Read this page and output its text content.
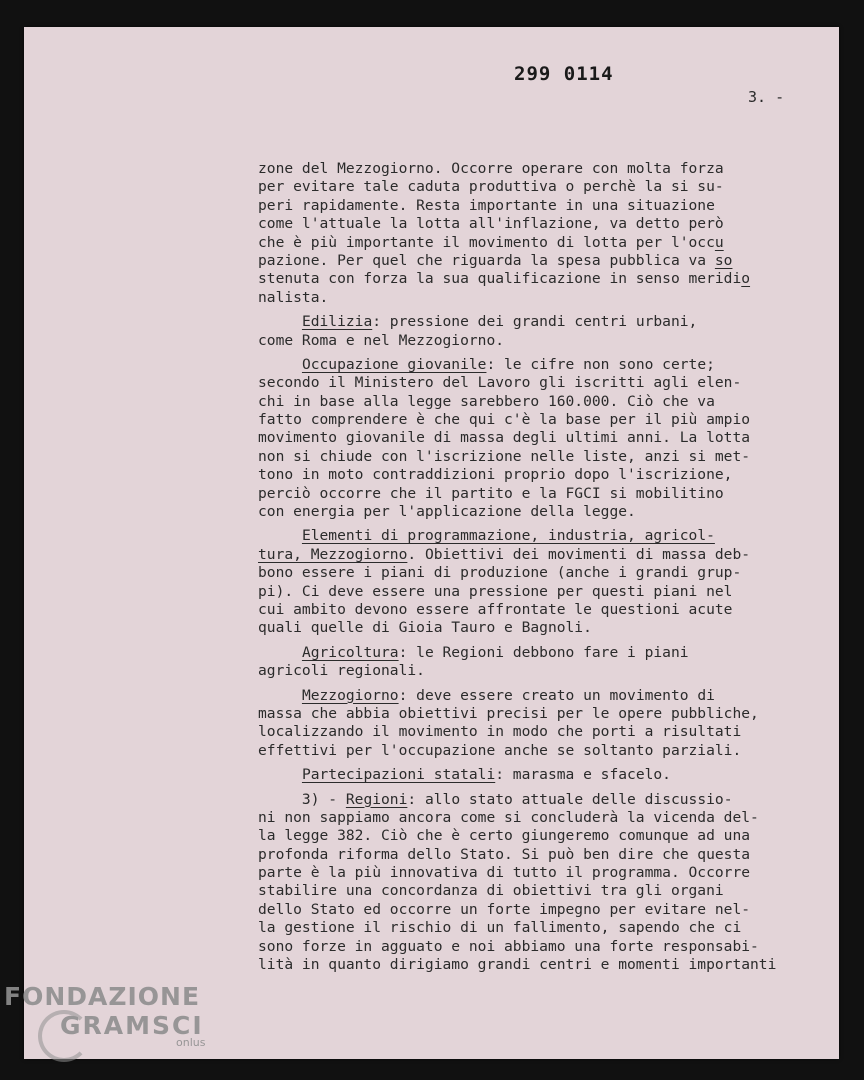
299 0114
3. -
zone del Mezzogiorno. Occorre operare con molta forza
per evitare tale caduta produttiva o perchè la si su-
peri rapidamente. Resta importante in una situazione
come l'attuale la lotta all'inflazione, va detto però
che è più importante il movimento di lotta per l'occu
pazione. Per quel che riguarda la spesa pubblica va so
stenuta con forza la sua qualificazione in senso meridio
nalista.
Edilizia: pressione dei grandi centri urbani,
come Roma e nel Mezzogiorno.
Occupazione giovanile: le cifre non sono certe;
secondo il Ministero del Lavoro gli iscritti agli elen-
chi in base alla legge sarebbero 160.000. Ciò che va
fatto comprendere è che qui c'è la base per il più ampio
movimento giovanile di massa degli ultimi anni. La lotta
non si chiude con l'iscrizione nelle liste, anzi si met-
tono in moto contraddizioni proprio dopo l'iscrizione,
perciò occorre che il partito e la FGCI si mobilitino
con energia per l'applicazione della legge.
Elementi di programmazione, industria, agricol-
tura, Mezzogiorno. Obiettivi dei movimenti di massa deb-
bono essere i piani di produzione (anche i grandi grup-
pi). Ci deve essere una pressione per questi piani nel
cui ambito devono essere affrontate le questioni acute
quali quelle di Gioia Tauro e Bagnoli.
Agricoltura: le Regioni debbono fare i piani
agricoli regionali.
Mezzogiorno: deve essere creato un movimento di
massa che abbia obiettivi precisi per le opere pubbliche,
localizzando il movimento in modo che porti a risultati
effettivi per l'occupazione anche se soltanto parziali.
Partecipazioni statali: marasma e sfacelo.
3) - Regioni: allo stato attuale delle discussio-
ni non sappiamo ancora come si concluderà la vicenda del-
la legge 382. Ciò che è certo giungeremo comunque ad una
profonda riforma dello Stato. Si può ben dire che questa
parte è la più innovativa di tutto il programma. Occorre
stabilire una concordanza di obiettivi tra gli organi
dello Stato ed occorre un forte impegno per evitare nel-
la gestione il rischio di un fallimento, sapendo che ci
sono forze in agguato e noi abbiamo una forte responsabi-
lità in quanto dirigiamo grandi centri e momenti importanti
FONDAZIONE
GRAMSCI
onlus
